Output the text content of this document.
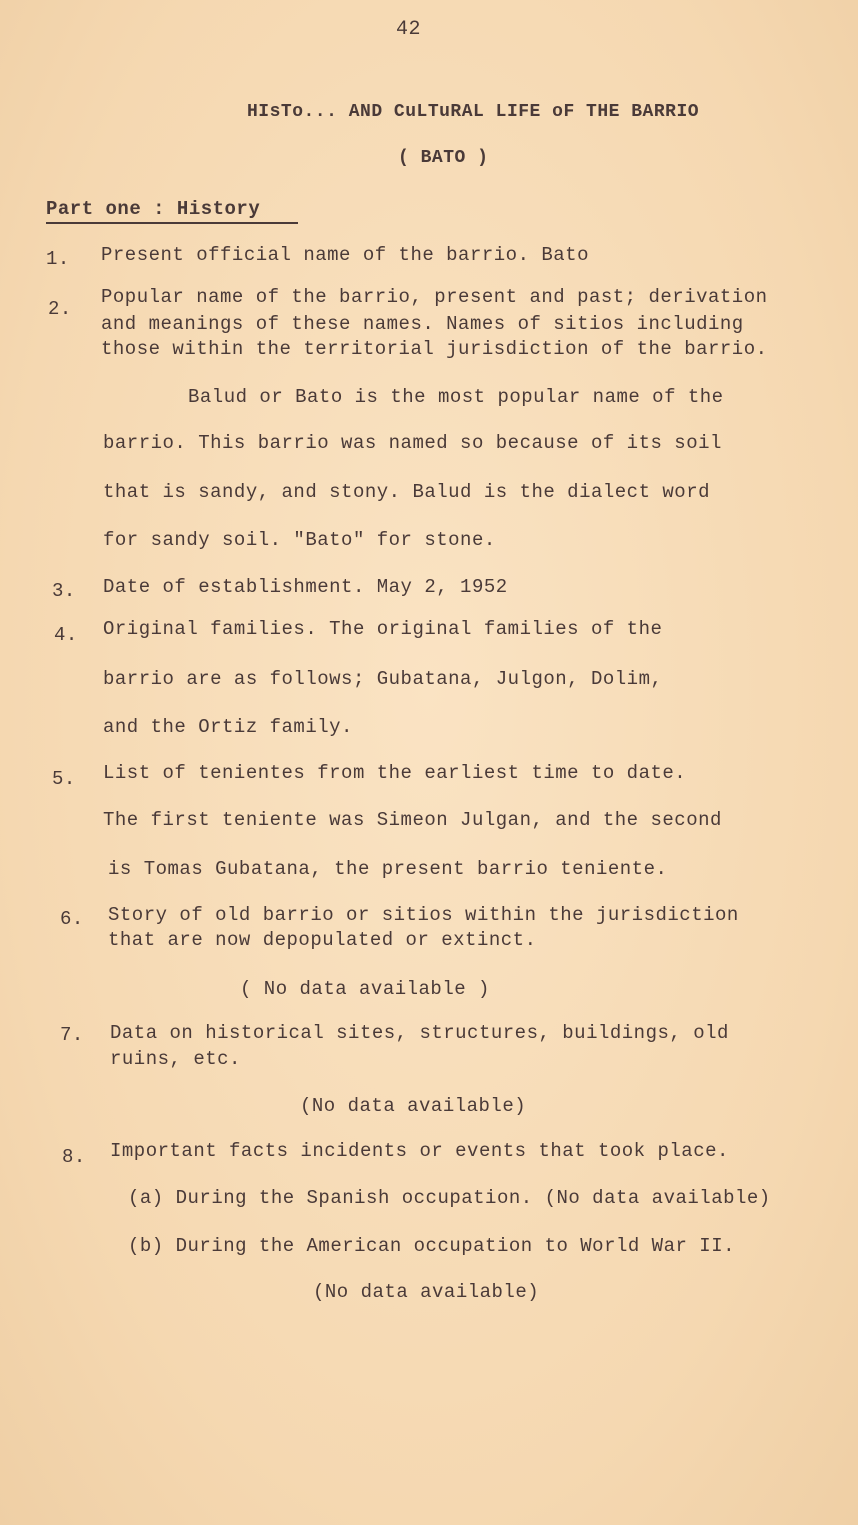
42
HIsTo... AND CuLTuRAL LIFE oF THE BARRIO
( BATO )
Part one : History
1. Present official name of the barrio. Bato
2.
Popular name of the barrio, present and past; derivation
and meanings of these names. Names of sitios including
those within the territorial jurisdiction of the barrio.
Balud or Bato is the most popular name of the
barrio. This barrio was named so because of its soil
that is sandy, and stony. Balud is the dialect word
for sandy soil. "Bato" for stone.
3. Date of establishment. May 2, 1952
4. Original families. The original families of the
barrio are as follows; Gubatana, Julgon, Dolim,
and the Ortiz family.
5. List of tenientes from the earliest time to date.
The first teniente was Simeon Julgan, and the second
is Tomas Gubatana, the present barrio teniente.
6. Story of old barrio or sitios within the jurisdiction
that are now depopulated or extinct.
( No data available )
7. Data on historical sites, structures, buildings, old
ruins, etc.
(No data available)
8. Important facts incidents or events that took place.
(a) During the Spanish occupation. (No data available)
(b) During the American occupation to World War II.
(No data available)
